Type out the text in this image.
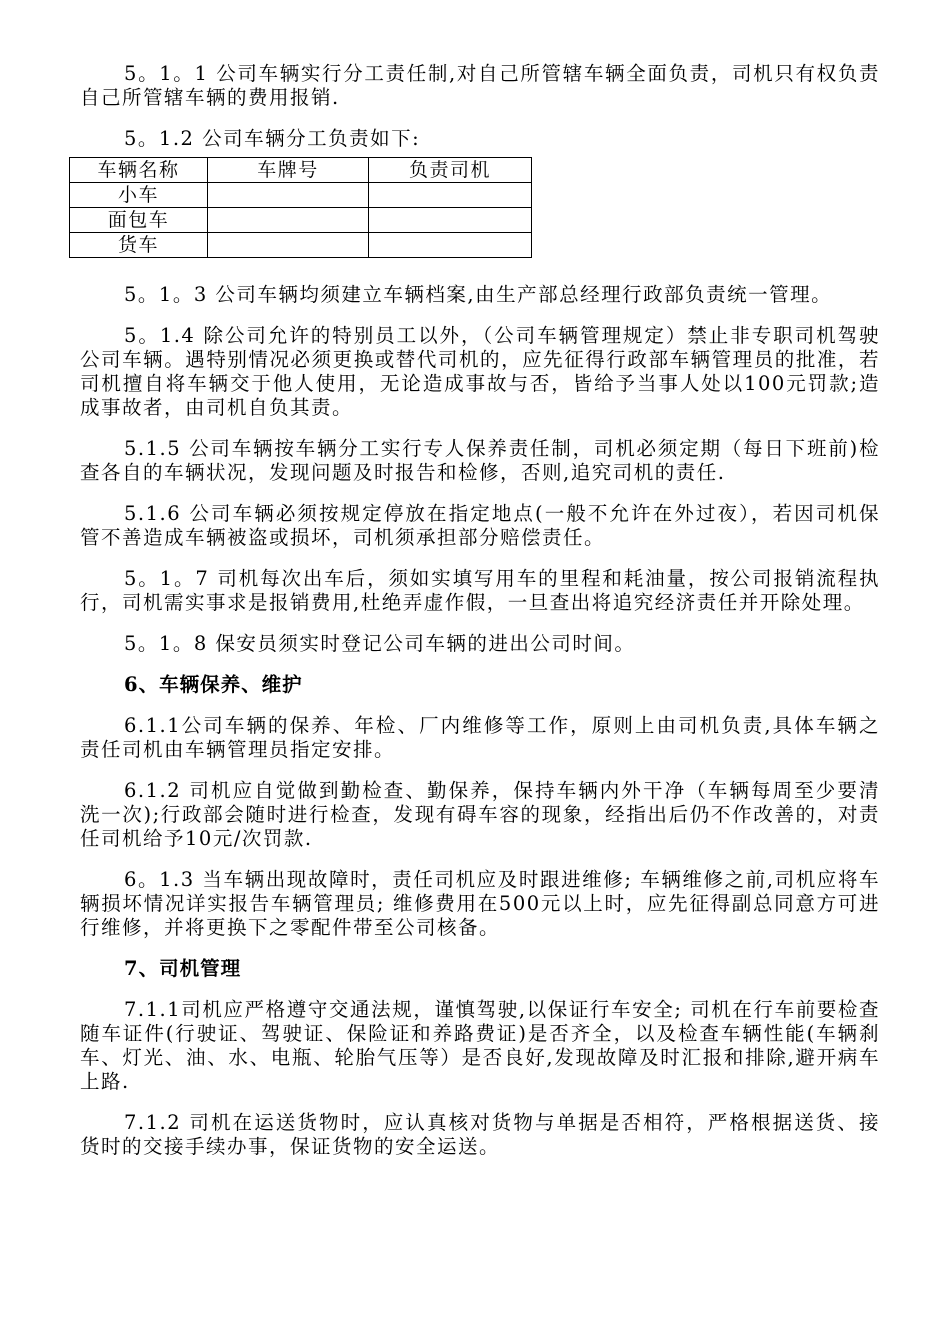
5。1。1 公司车辆实行分工责任制,对自己所管辖车辆全面负责，司机只有权负责自己所管辖车辆的费用报销.

5。1.2 公司车辆分工负责如下:

车辆名称	车牌号	负责司机
小车		
面包车		
货车		

5。1。3 公司车辆均须建立车辆档案,由生产部总经理行政部负责统一管理。

5。1.4 除公司允许的特别员工以外，（公司车辆管理规定）禁止非专职司机驾驶公司车辆。遇特别情况必须更换或替代司机的，应先征得行政部车辆管理员的批准，若司机擅自将车辆交于他人使用，无论造成事故与否，皆给予当事人处以100元罚款;造成事故者，由司机自负其责。

5.1.5 公司车辆按车辆分工实行专人保养责任制，司机必须定期（每日下班前)检查各自的车辆状况，发现问题及时报告和检修，否则,追究司机的责任.

5.1.6 公司车辆必须按规定停放在指定地点(一般不允许在外过夜），若因司机保管不善造成车辆被盗或损坏，司机须承担部分赔偿责任。

5。1。7 司机每次出车后，须如实填写用车的里程和耗油量，按公司报销流程执行，司机需实事求是报销费用,杜绝弄虚作假，一旦查出将追究经济责任并开除处理。

5。1。8 保安员须实时登记公司车辆的进出公司时间。

6、车辆保养、维护

6.1.1公司车辆的保养、年检、厂内维修等工作，原则上由司机负责,具体车辆之责任司机由车辆管理员指定安排。

6.1.2 司机应自觉做到勤检查、勤保养，保持车辆内外干净（车辆每周至少要清洗一次);行政部会随时进行检查，发现有碍车容的现象，经指出后仍不作改善的，对责任司机给予10元/次罚款.

6。1.3 当车辆出现故障时，责任司机应及时跟进维修; 车辆维修之前,司机应将车辆损坏情况详实报告车辆管理员; 维修费用在500元以上时，应先征得副总同意方可进行维修，并将更换下之零配件带至公司核备。

7、司机管理

7.1.1司机应严格遵守交通法规，谨慎驾驶,以保证行车安全; 司机在行车前要检查随车证件(行驶证、驾驶证、保险证和养路费证)是否齐全，以及检查车辆性能(车辆刹车、灯光、油、水、电瓶、轮胎气压等）是否良好,发现故障及时汇报和排除,避开病车上路.

7.1.2 司机在运送货物时，应认真核对货物与单据是否相符，严格根据送货、接货时的交接手续办事，保证货物的安全运送。
